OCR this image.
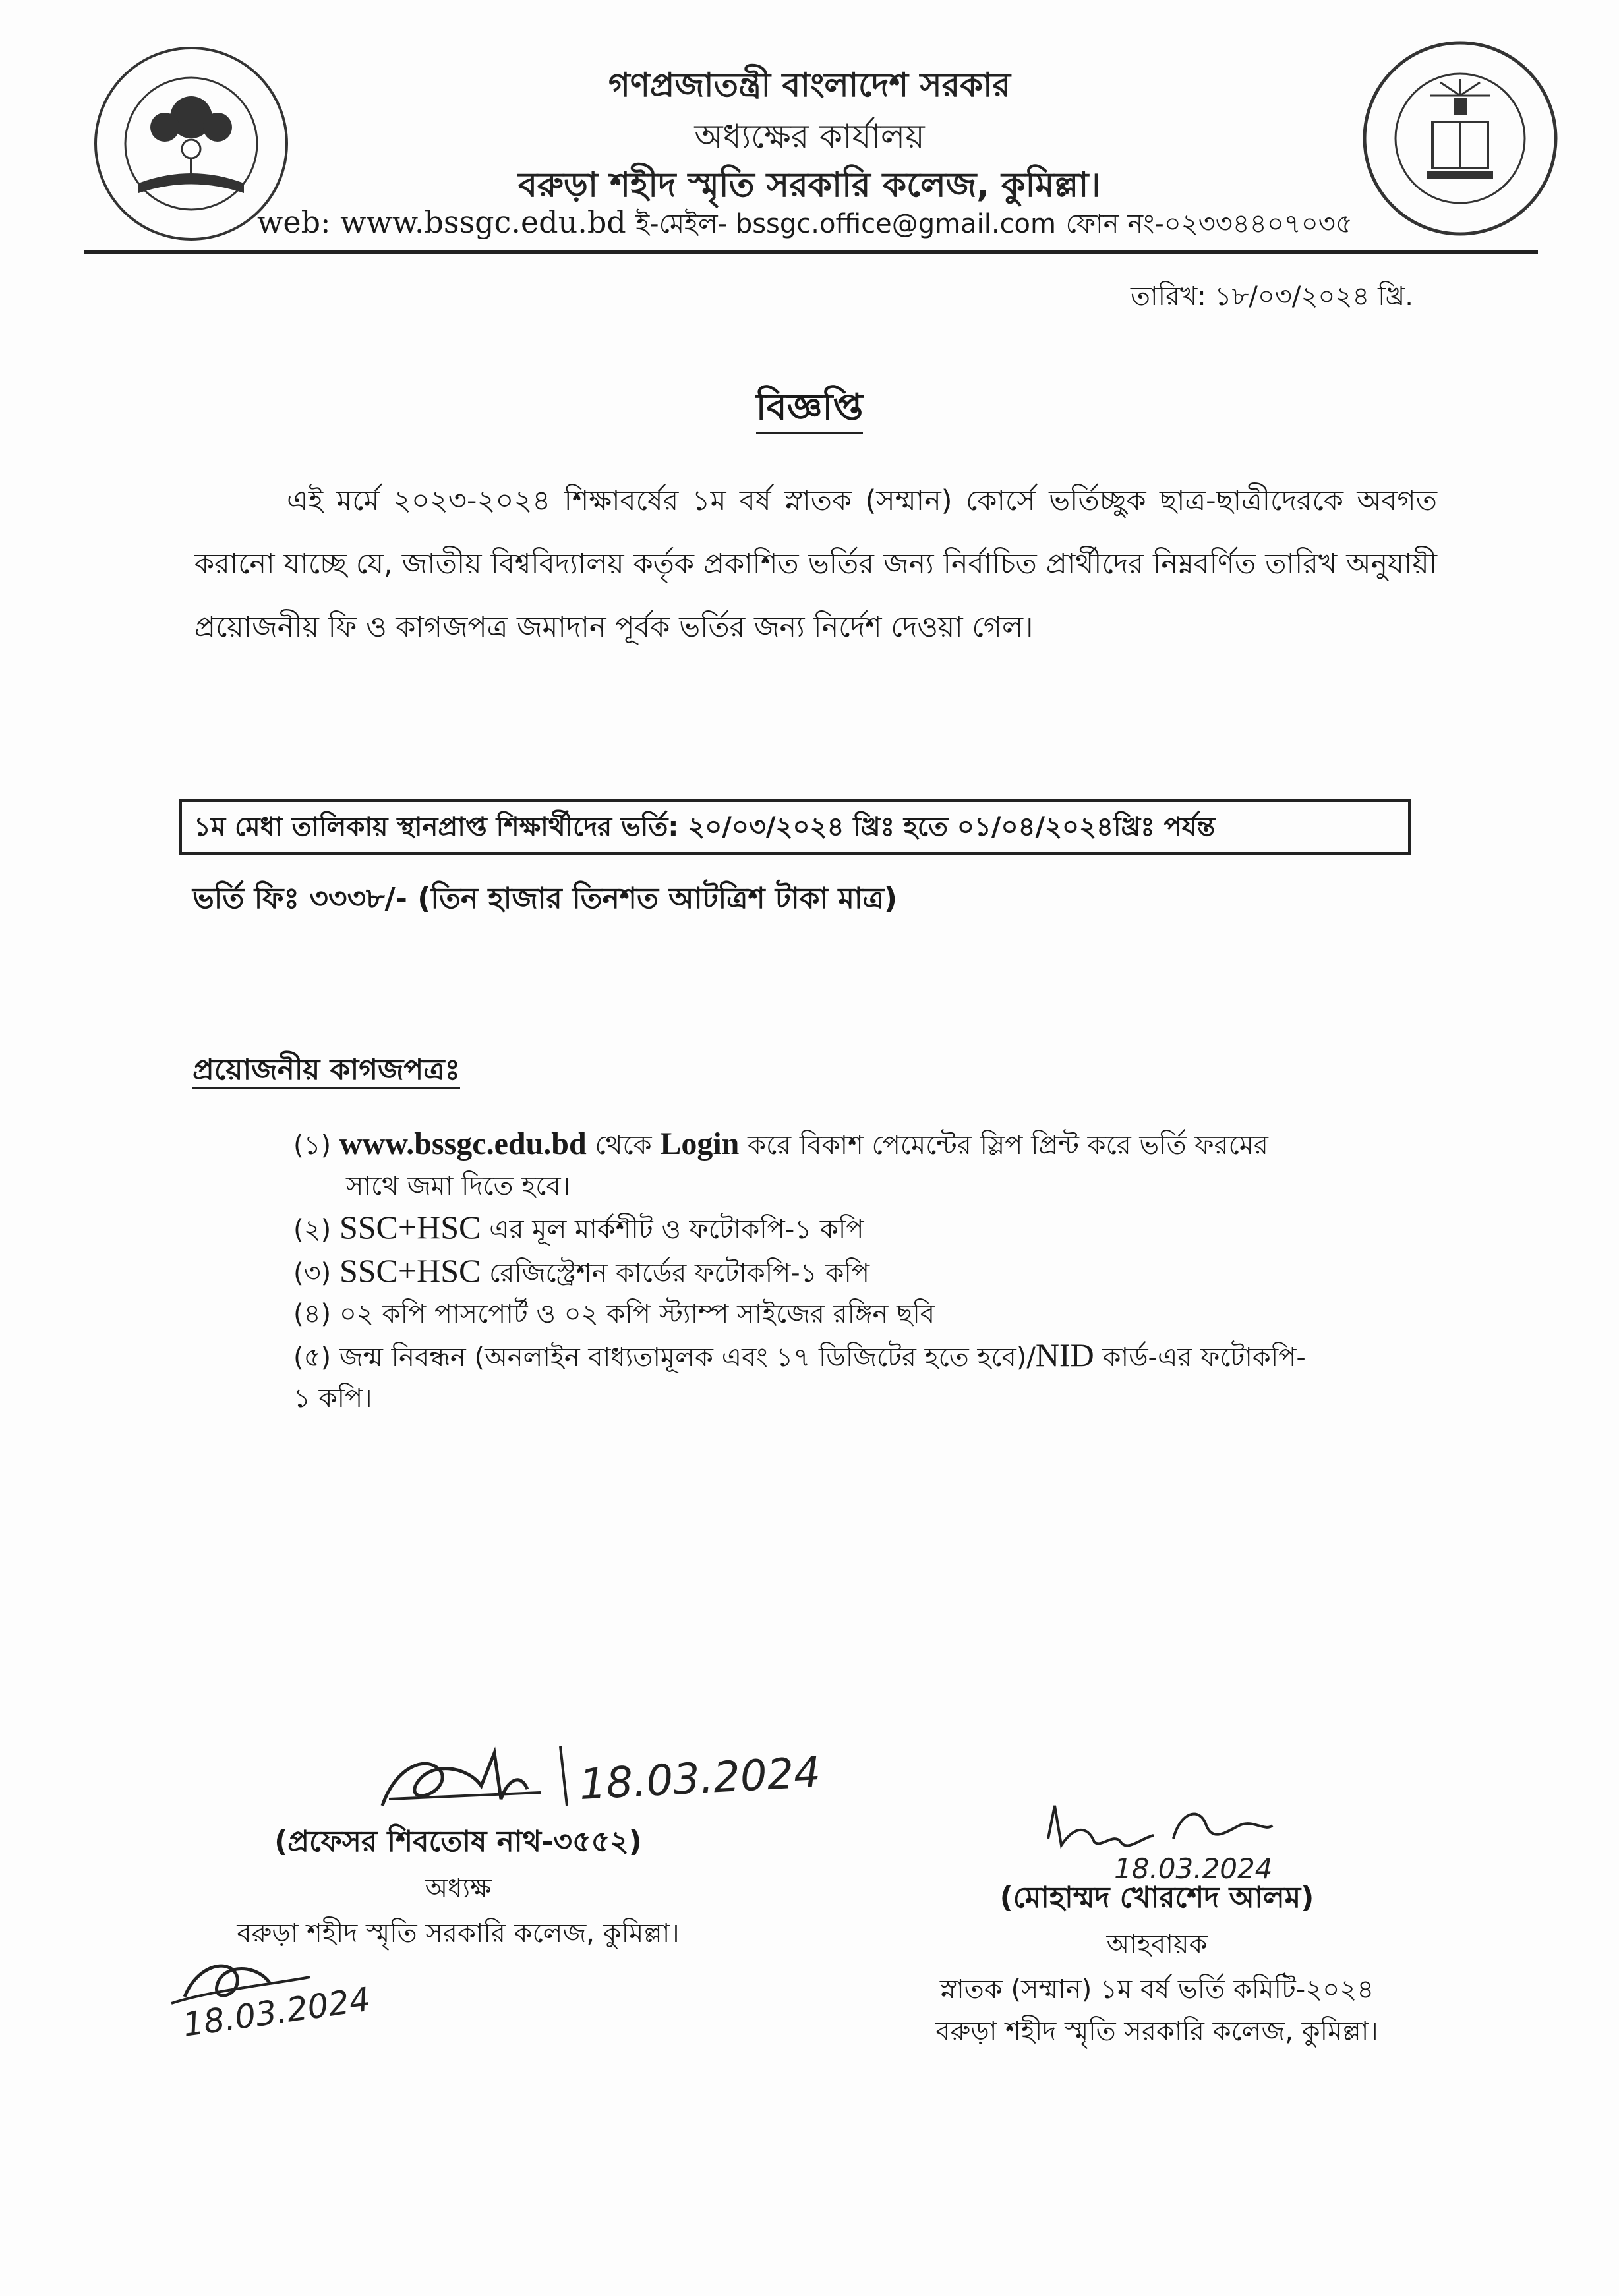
গণপ্রজাতন্ত্রী বাংলাদেশ সরকার
অধ্যক্ষের কার্যালয়
বরুড়া শহীদ স্মৃতি সরকারি কলেজ, কুমিল্লা।
web: www.bssgc.edu.bd ই-মেইল- bssgc.office@gmail.com ফোন নং-০২৩৩৪৪০৭০৩৫
তারিখ: ১৮/০৩/২০২৪ খ্রি.
বিজ্ঞপ্তি
এই মর্মে ২০২৩-২০২৪ শিক্ষাবর্ষের ১ম বর্ষ স্নাতক (সম্মান) কোর্সে ভর্তিচ্ছুক ছাত্র-ছাত্রীদেরকে অবগত করানো যাচ্ছে যে, জাতীয় বিশ্ববিদ্যালয় কর্তৃক প্রকাশিত ভর্তির জন্য নির্বাচিত প্রার্থীদের নিম্নবর্ণিত তারিখ অনুযায়ী প্রয়োজনীয় ফি ও কাগজপত্র জমাদান পূর্বক ভর্তির জন্য নির্দেশ দেওয়া গেল।
১ম মেধা তালিকায় স্থানপ্রাপ্ত শিক্ষার্থীদের ভর্তি: ২০/০৩/২০২৪ খ্রিঃ হতে ০১/০৪/২০২৪খ্রিঃ পর্যন্ত
ভর্তি ফিঃ ৩৩৩৮/- (তিন হাজার তিনশত আটত্রিশ টাকা মাত্র)
প্রয়োজনীয় কাগজপত্রঃ
(১) www.bssgc.edu.bd থেকে Login করে বিকাশ পেমেন্টের স্লিপ প্রিন্ট করে ভর্তি ফরমের
সাথে জমা দিতে হবে।
(২) SSC+HSC এর মূল মার্কশীট ও ফটোকপি-১ কপি
(৩) SSC+HSC রেজিস্ট্রেশন কার্ডের ফটোকপি-১ কপি
(৪) ০২ কপি পাসপোর্ট ও ০২ কপি স্ট্যাম্প সাইজের রঙ্গিন ছবি
(৫) জন্ম নিবন্ধন (অনলাইন বাধ্যতামূলক এবং ১৭ ডিজিটের হতে হবে)/NID কার্ড-এর ফটোকপি-
১ কপি।
18.03.2024
18.03.2024
18.03.2024
(প্রফেসর শিবতোষ নাথ-৩৫৫২)
অধ্যক্ষ
বরুড়া শহীদ স্মৃতি সরকারি কলেজ, কুমিল্লা।
(মোহাম্মদ খোরশেদ আলম)
আহবায়ক
স্নাতক (সম্মান) ১ম বর্ষ ভর্তি কমিটি-২০২৪
বরুড়া শহীদ স্মৃতি সরকারি কলেজ, কুমিল্লা।
